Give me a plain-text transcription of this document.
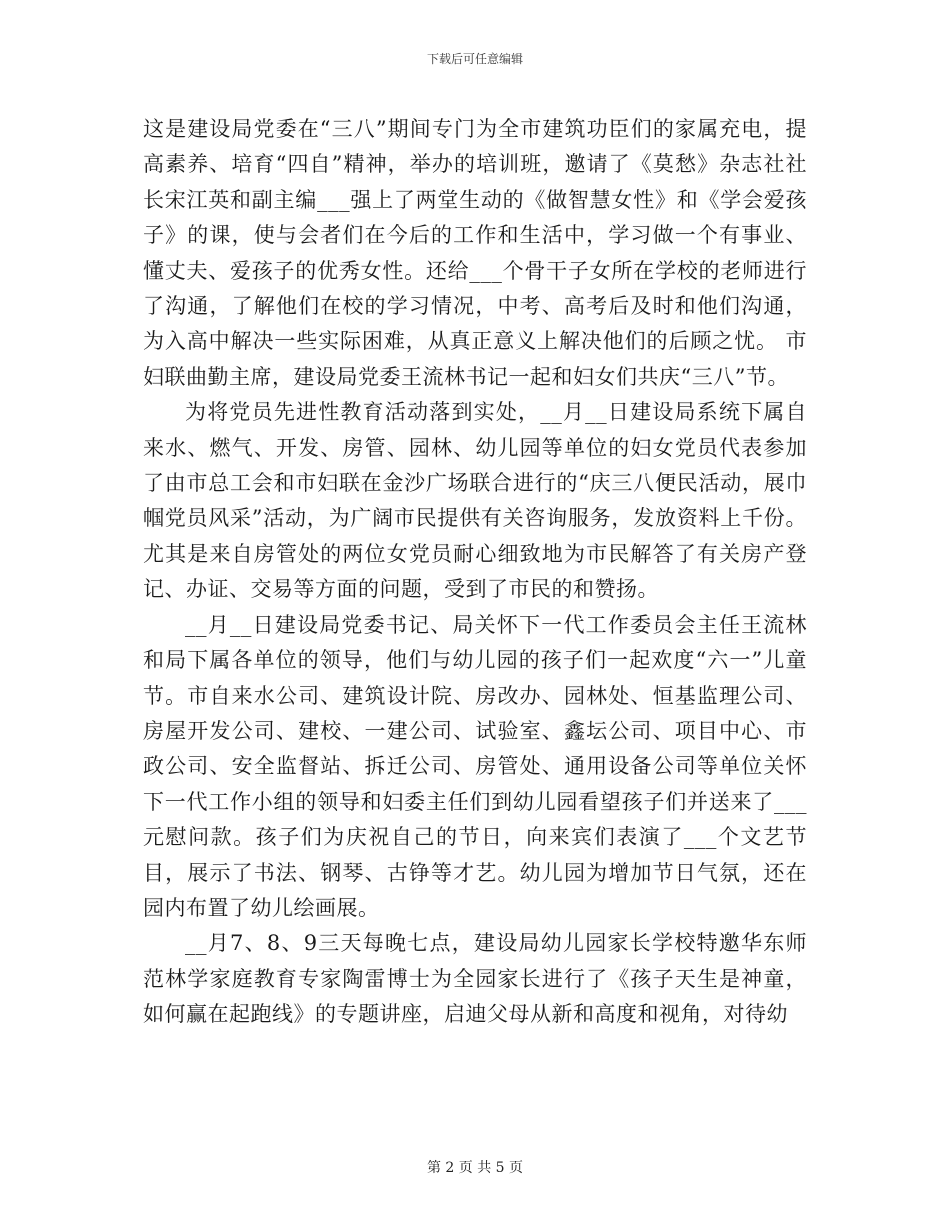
下载后可任意编辑

这是建设局党委在“三八”期间专门为全市建筑功臣们的家属充电，提高素养、培育“四自”精神，举办的培训班，邀请了《莫愁》杂志社社长宋江英和副主编___强上了两堂生动的《做智慧女性》和《学会爱孩子》的课，使与会者们在今后的工作和生活中，学习做一个有事业、懂丈夫、爱孩子的优秀女性。还给___个骨干子女所在学校的老师进行了沟通，了解他们在校的学习情况，中考、高考后及时和他们沟通，为入高中解决一些实际困难，从真正意义上解决他们的后顾之忧。 市妇联曲勤主席，建设局党委王流林书记一起和妇女们共庆“三八”节。

为将党员先进性教育活动落到实处，__月__日建设局系统下属自来水、燃气、开发、房管、园林、幼儿园等单位的妇女党员代表参加了由市总工会和市妇联在金沙广场联合进行的“庆三八便民活动，展巾帼党员风采”活动，为广阔市民提供有关咨询服务，发放资料上千份。尤其是来自房管处的两位女党员耐心细致地为市民解答了有关房产登记、办证、交易等方面的问题，受到了市民的和赞扬。

__月__日建设局党委书记、局关怀下一代工作委员会主任王流林和局下属各单位的领导，他们与幼儿园的孩子们一起欢度“六一”儿童节。市自来水公司、建筑设计院、房改办、园林处、恒基监理公司、房屋开发公司、建校、一建公司、试验室、鑫坛公司、项目中心、市政公司、安全监督站、拆迁公司、房管处、通用设备公司等单位关怀下一代工作小组的领导和妇委主任们到幼儿园看望孩子们并送来了___元慰问款。孩子们为庆祝自己的节日，向来宾们表演了___个文艺节目，展示了书法、钢琴、古铮等才艺。幼儿园为增加节日气氛，还在园内布置了幼儿绘画展。

__月7、8、9三天每晚七点，建设局幼儿园家长学校特邀华东师范林学家庭教育专家陶雷博士为全园家长进行了《孩子天生是神童，如何赢在起跑线》的专题讲座，启迪父母从新和高度和视角，对待幼

第 2 页 共 5 页
